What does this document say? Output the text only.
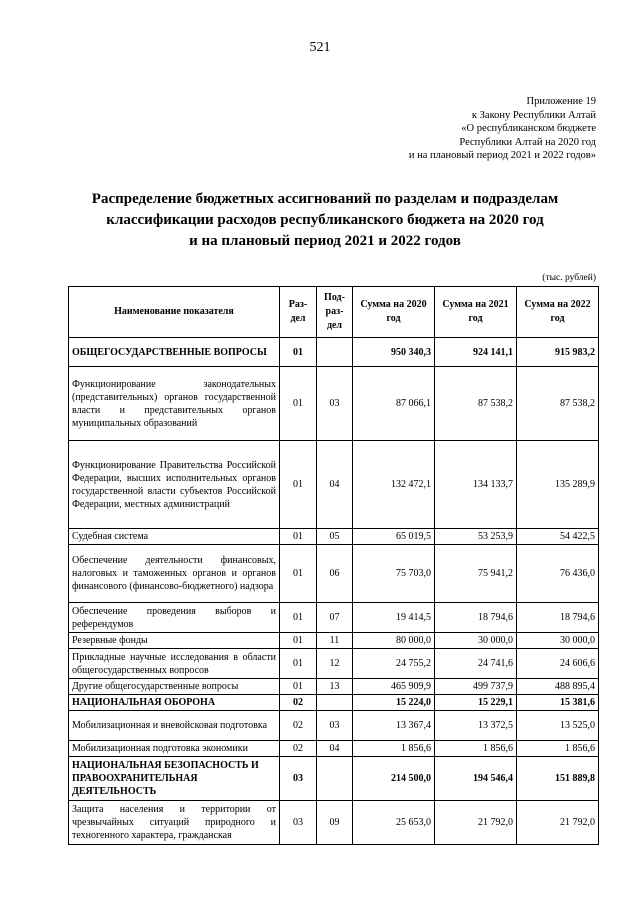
521
Приложение 19
к Закону Республики Алтай
«О республиканском бюджете
Республики Алтай на 2020 год
и на плановый период 2021 и 2022 годов»
Распределение бюджетных ассигнований по разделам и подразделам
классификации расходов республиканского бюджета на 2020 год
и на плановый период 2021 и 2022 годов
(тыс. рублей)
Наименование показателя	Раз-дел	Под-раз-дел	Сумма на 2020 год	Сумма на 2021 год	Сумма на 2022 год
ОБЩЕГОСУДАРСТВЕННЫЕ ВОПРОСЫ	01		950 340,3	924 141,1	915 983,2
Функционирование законодательных (представительных) органов государственной власти и представительных органов муниципальных образований	01	03	87 066,1	87 538,2	87 538,2
Функционирование Правительства Российской Федерации, высших исполнительных органов государственной власти субъектов Российской Федерации, местных администраций	01	04	132 472,1	134 133,7	135 289,9
Судебная система	01	05	65 019,5	53 253,9	54 422,5
Обеспечение деятельности финансовых, налоговых и таможенных органов и органов финансового (финансово-бюджетного) надзора	01	06	75 703,0	75 941,2	76 436,0
Обеспечение проведения выборов и референдумов	01	07	19 414,5	18 794,6	18 794,6
Резервные фонды	01	11	80 000,0	30 000,0	30 000,0
Прикладные научные исследования в области общегосударственных вопросов	01	12	24 755,2	24 741,6	24 606,6
Другие общегосударственные вопросы	01	13	465 909,9	499 737,9	488 895,4
НАЦИОНАЛЬНАЯ ОБОРОНА	02		15 224,0	15 229,1	15 381,6
Мобилизационная и вневойсковая подготовка	02	03	13 367,4	13 372,5	13 525,0
Мобилизационная подготовка экономики	02	04	1 856,6	1 856,6	1 856,6
НАЦИОНАЛЬНАЯ БЕЗОПАСНОСТЬ И ПРАВООХРАНИТЕЛЬНАЯ ДЕЯТЕЛЬНОСТЬ	03		214 500,0	194 546,4	151 889,8
Защита населения и территории от чрезвычайных ситуаций природного и техногенного характера, гражданская	03	09	25 653,0	21 792,0	21 792,0
